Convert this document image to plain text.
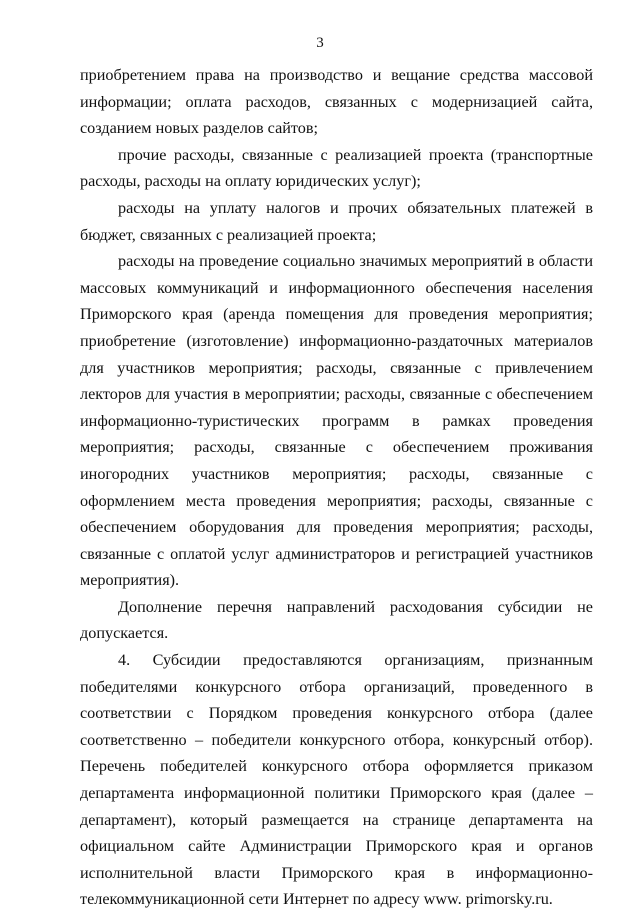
3

приобретением права на производство и вещание средства массовой информации; оплата расходов, связанных с модернизацией сайта, созданием новых разделов сайтов;

прочие расходы, связанные с реализацией проекта (транспортные расходы, расходы на оплату юридических услуг);

расходы на уплату налогов и прочих обязательных платежей в бюджет, связанных с реализацией проекта;

расходы на проведение социально значимых мероприятий в области массовых коммуникаций и информационного обеспечения населения Приморского края (аренда помещения для проведения мероприятия; приобретение (изготовление) информационно-раздаточных материалов для участников мероприятия; расходы, связанные с привлечением лекторов для участия в мероприятии; расходы, связанные с обеспечением информационно-туристических программ в рамках проведения мероприятия; расходы, связанные с обеспечением проживания иногородних участников мероприятия; расходы, связанные с оформлением места проведения мероприятия; расходы, связанные с обеспечением оборудования для проведения мероприятия; расходы, связанные с оплатой услуг администраторов и регистрацией участников мероприятия).

Дополнение перечня направлений расходования субсидии не допускается.

4. Субсидии предоставляются организациям, признанным победителями конкурсного отбора организаций, проведенного в соответствии с Порядком проведения конкурсного отбора (далее соответственно – победители конкурсного отбора, конкурсный отбор). Перечень победителей конкурсного отбора оформляется приказом департамента информационной политики Приморского края (далее – департамент), который размещается на странице департамента на официальном сайте Администрации Приморского края и органов исполнительной власти Приморского края в информационно-телекоммуникационной сети Интернет по адресу www. primorsky.ru.
